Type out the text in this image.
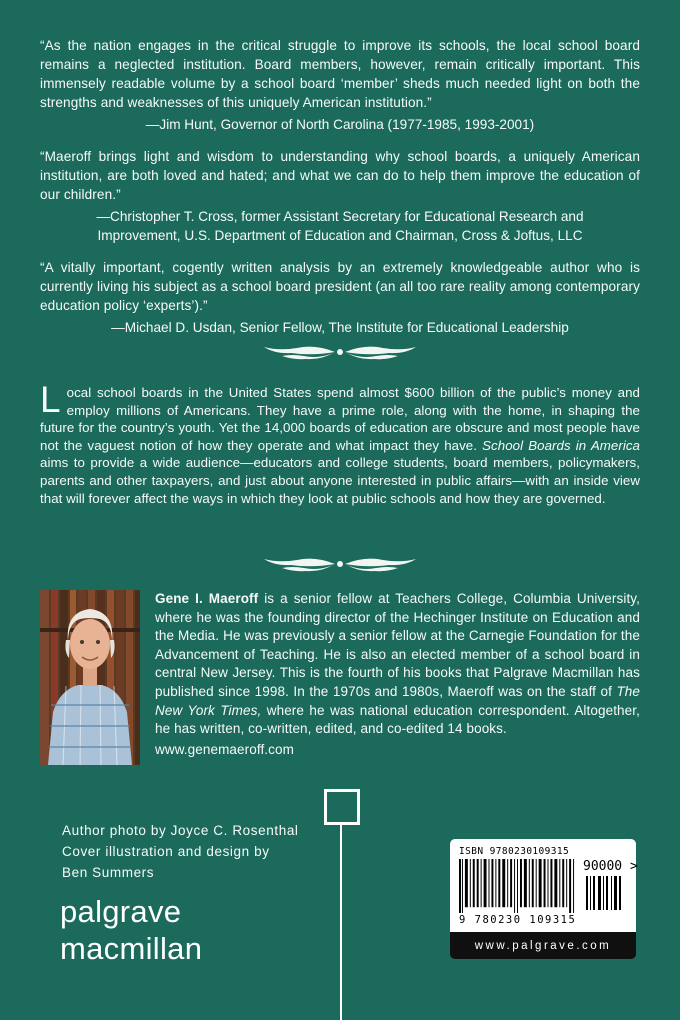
“As the nation engages in the critical struggle to improve its schools, the local school board remains a neglected institution. Board members, however, remain critically important. This immensely readable volume by a school board ‘member’ sheds much needed light on both the strengths and weaknesses of this uniquely American institution.”

—Jim Hunt, Governor of North Carolina (1977-1985, 1993-2001)

“Maeroff brings light and wisdom to understanding why school boards, a uniquely American institution, are both loved and hated; and what we can do to help them improve the education of our children.”

—Christopher T. Cross, former Assistant Secretary for Educational Research and Improvement, U.S. Department of Education and Chairman, Cross & Joftus, LLC

“A vitally important, cogently written analysis by an extremely knowledgeable author who is currently living his subject as a school board president (an all too rare reality among contemporary education policy ‘experts’).”

—Michael D. Usdan, Senior Fellow, The Institute for Educational Leadership

Local school boards in the United States spend almost $600 billion of the public’s money and employ millions of Americans. They have a prime role, along with the home, in shaping the future for the country’s youth. Yet the 14,000 boards of education are obscure and most people have not the vaguest notion of how they operate and what impact they have. School Boards in America aims to provide a wide audience—educators and college students, board members, policymakers, parents and other taxpayers, and just about anyone interested in public affairs—with an inside view that will forever affect the ways in which they look at public schools and how they are governed.

Gene I. Maeroff is a senior fellow at Teachers College, Columbia University, where he was the founding director of the Hechinger Institute on Education and the Media. He was previously a senior fellow at the Carnegie Foundation for the Advancement of Teaching. He is also an elected member of a school board in central New Jersey. This is the fourth of his books that Palgrave Macmillan has published since 1998. In the 1970s and 1980s, Maeroff was on the staff of The New York Times, where he was national education correspondent. Altogether, he has written, co-written, edited, and co-edited 14 books.

www.genemaeroff.com

Author photo by Joyce C. Rosenthal
Cover illustration and design by
Ben Summers
palgrave
macmillan
ISBN 9780230109315
9 780230 109315
90000 >
www.palgrave.com
